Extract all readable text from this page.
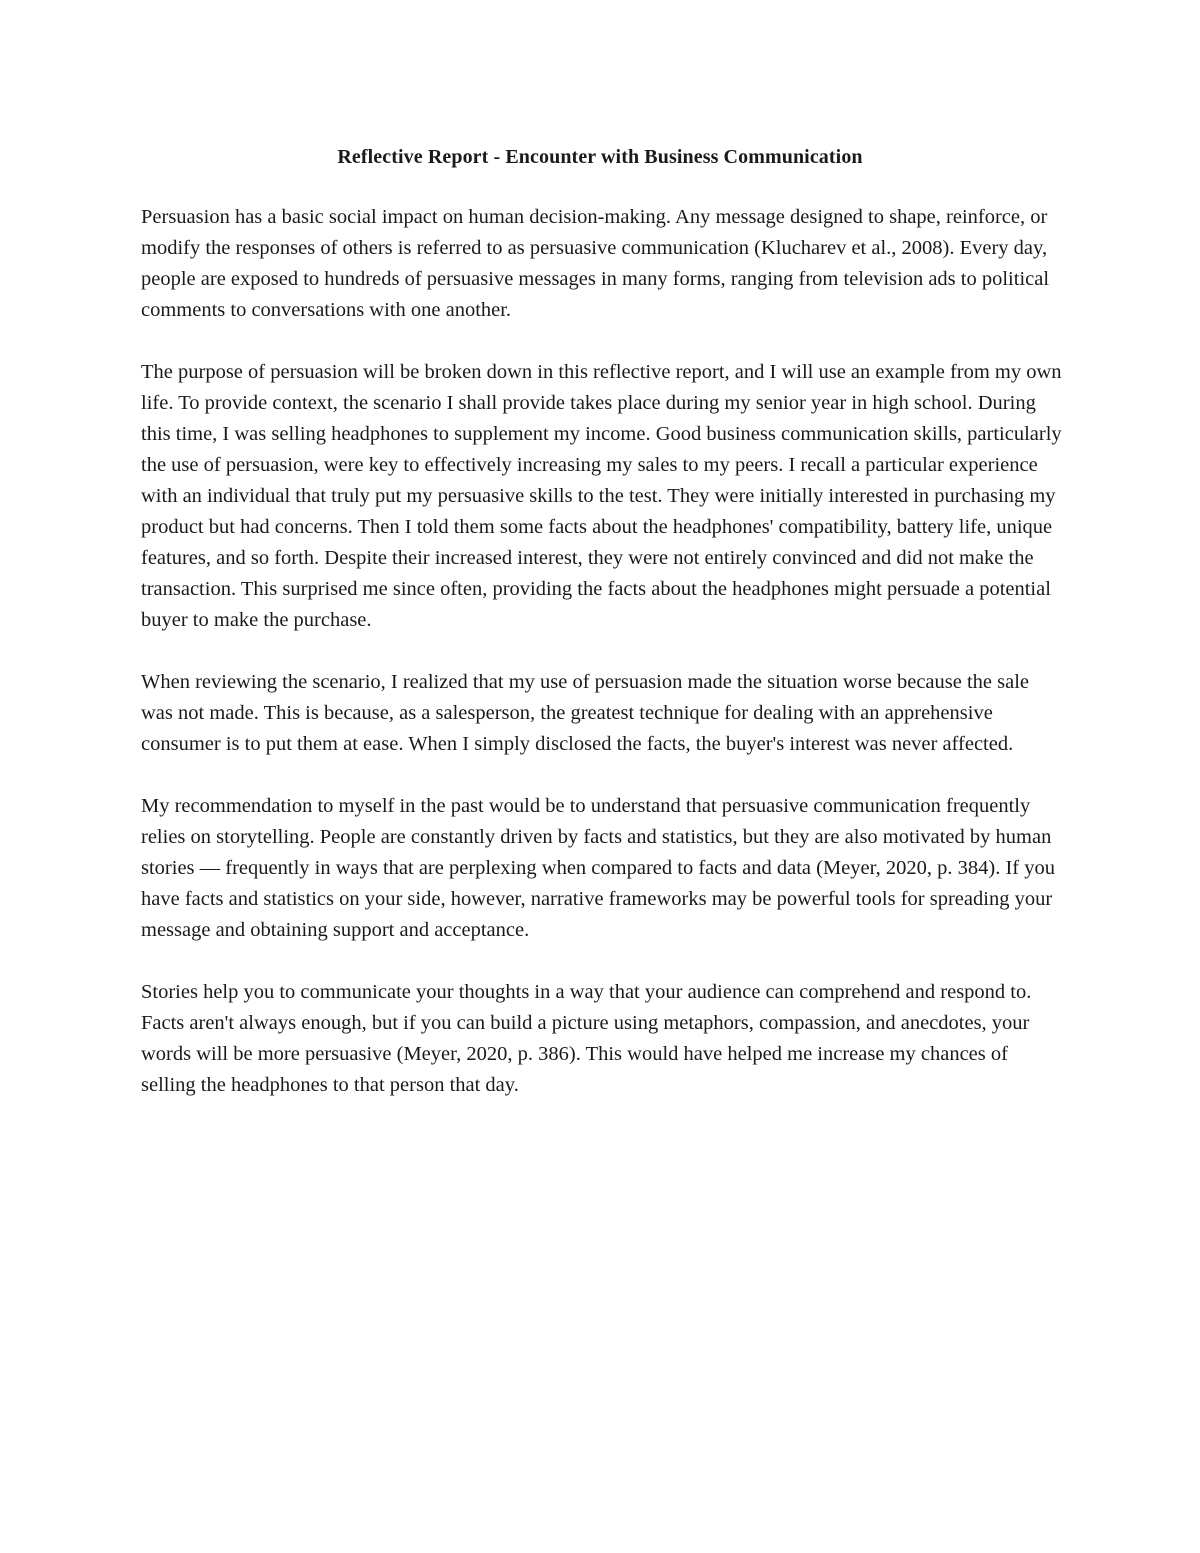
Reflective Report - Encounter with Business Communication

Persuasion has a basic social impact on human decision-making. Any message designed to shape, reinforce, or modify the responses of others is referred to as persuasive communication (Klucharev et al., 2008). Every day, people are exposed to hundreds of persuasive messages in many forms, ranging from television ads to political comments to conversations with one another.

The purpose of persuasion will be broken down in this reflective report, and I will use an example from my own life. To provide context, the scenario I shall provide takes place during my senior year in high school. During this time, I was selling headphones to supplement my income. Good business communication skills, particularly the use of persuasion, were key to effectively increasing my sales to my peers. I recall a particular experience with an individual that truly put my persuasive skills to the test. They were initially interested in purchasing my product but had concerns. Then I told them some facts about the headphones' compatibility, battery life, unique features, and so forth. Despite their increased interest, they were not entirely convinced and did not make the transaction. This surprised me since often, providing the facts about the headphones might persuade a potential buyer to make the purchase.

When reviewing the scenario, I realized that my use of persuasion made the situation worse because the sale was not made. This is because, as a salesperson, the greatest technique for dealing with an apprehensive consumer is to put them at ease. When I simply disclosed the facts, the buyer's interest was never affected.

My recommendation to myself in the past would be to understand that persuasive communication frequently relies on storytelling. People are constantly driven by facts and statistics, but they are also motivated by human stories — frequently in ways that are perplexing when compared to facts and data (Meyer, 2020, p. 384). If you have facts and statistics on your side, however, narrative frameworks may be powerful tools for spreading your message and obtaining support and acceptance.

Stories help you to communicate your thoughts in a way that your audience can comprehend and respond to. Facts aren't always enough, but if you can build a picture using metaphors, compassion, and anecdotes, your words will be more persuasive (Meyer, 2020, p. 386). This would have helped me increase my chances of selling the headphones to that person that day.
